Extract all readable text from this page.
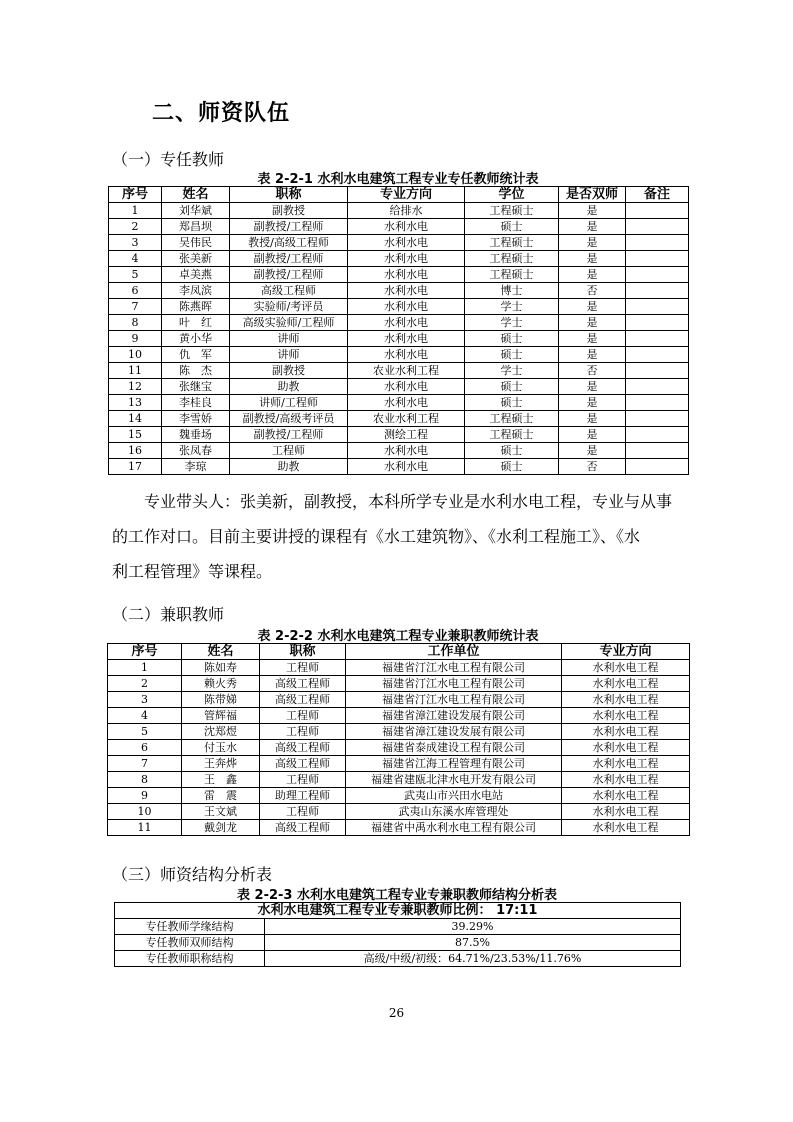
二、师资队伍
（一）专任教师
表 2-2-1 水利水电建筑工程专业专任教师统计表
序号	姓名	职称	专业方向	学位	是否双师	备注
1	刘华斌	副教授	给排水	工程硕士	是	
2	郑昌坝	副教授/工程师	水利水电	硕士	是	
3	吴伟民	教授/高级工程师	水利水电	工程硕士	是	
4	张美新	副教授/工程师	水利水电	工程硕士	是	
5	卓美燕	副教授/工程师	水利水电	工程硕士	是	
6	李凤滨	高级工程师	水利水电	博士	否	
7	陈燕晖	实验师/考评员	水利水电	学士	是	
8	叶　红	高级实验师/工程师	水利水电	学士	是	
9	黄小华	讲师	水利水电	硕士	是	
10	仇　军	讲师	水利水电	硕士	是	
11	陈　杰	副教授	农业水利工程	学士	否	
12	张继宝	助教	水利水电	硕士	是	
13	李桂良	讲师/工程师	水利水电	硕士	是	
14	李雪娇	副教授/高级考评员	农业水利工程	工程硕士	是	
15	魏垂场	副教授/工程师	测绘工程	工程硕士	是	
16	张凤春	工程师	水利水电	硕士	是	
17	李琼	助教	水利水电	硕士	否	
专业带头人：张美新，副教授，本科所学专业是水利水电工程，专业与从事
的工作对口。目前主要讲授的课程有《水工建筑物》、《水利工程施工》、《水
利工程管理》等课程。
（二）兼职教师
表 2-2-2 水利水电建筑工程专业兼职教师统计表
序号	姓名	职称	工作单位	专业方向
1	陈如寿	工程师	福建省汀江水电工程有限公司	水利水电工程
2	赖火秀	高级工程师	福建省汀江水电工程有限公司	水利水电工程
3	陈带娣	高级工程师	福建省汀江水电工程有限公司	水利水电工程
4	管辉福	工程师	福建省漳江建设发展有限公司	水利水电工程
5	沈郑煜	工程师	福建省漳江建设发展有限公司	水利水电工程
6	付玉水	高级工程师	福建省泰成建设工程有限公司	水利水电工程
7	王奔烨	高级工程师	福建省江海工程管理有限公司	水利水电工程
8	王　鑫	工程师	福建省建瓯北津水电开发有限公司	水利水电工程
9	雷　震	助理工程师	武夷山市兴田水电站	水利水电工程
10	王文斌	工程师	武夷山东溪水库管理处	水利水电工程
11	戴剑龙	高级工程师	福建省中禹水利水电工程有限公司	水利水电工程
（三）师资结构分析表
表 2-2-3 水利水电建筑工程专业专兼职教师结构分析表
水利水电建筑工程专业专兼职教师比例： 17:11	
专任教师学缘结构	39.29%
专任教师双师结构	87.5%
专任教师职称结构	高级/中级/初级：64.71%/23.53%/11.76%
26
